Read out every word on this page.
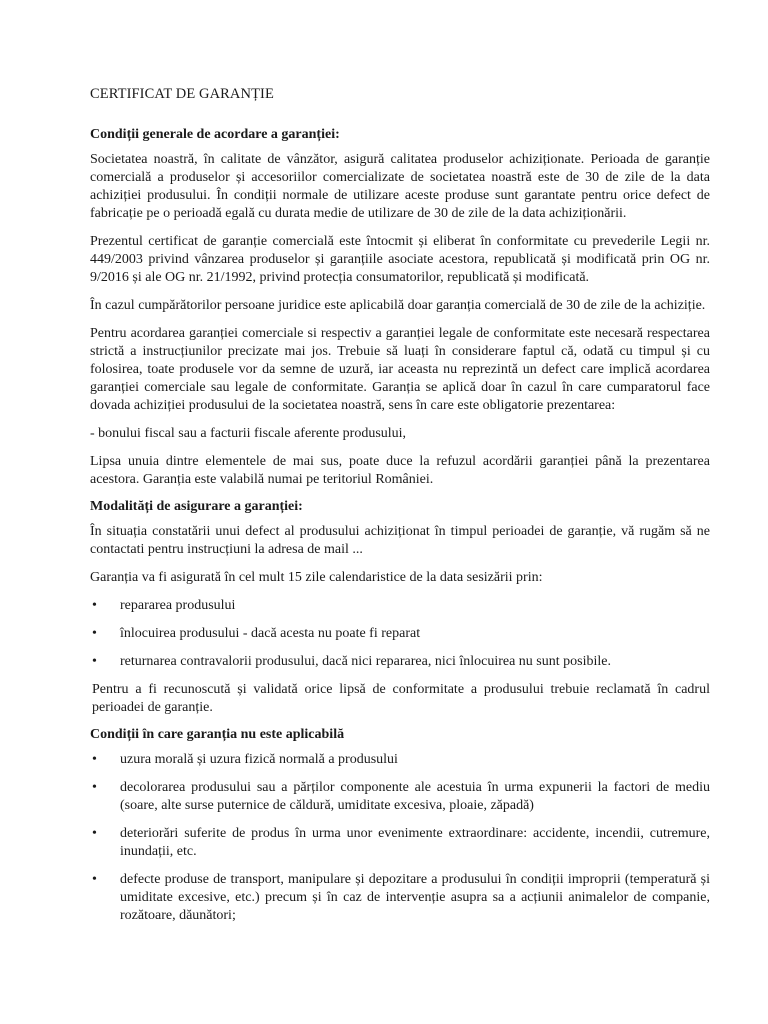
CERTIFICAT DE GARANȚIE
Condiții generale de acordare a garanției:

Societatea noastră, în calitate de vânzător, asigură calitatea produselor achiziționate. Perioada de garanție comercială a produselor și accesoriilor comercializate de societatea noastră este de 30 de zile de la data achiziției produsului. În condiții normale de utilizare aceste produse sunt garantate pentru orice defect de fabricație pe o perioadă egală cu durata medie de utilizare de 30 de zile de la data achiziționării.

Prezentul certificat de garanție comercială este întocmit și eliberat în conformitate cu prevederile Legii nr. 449/2003 privind vânzarea produselor și garanțiile asociate acestora, republicată și modificată prin OG nr. 9/2016 și ale OG nr. 21/1992, privind protecția consumatorilor, republicată și modificată.

În cazul cumpărătorilor persoane juridice este aplicabilă doar garanția comercială de 30 de zile de la achiziție.

Pentru acordarea garanției comerciale si respectiv a garanției legale de conformitate este necesară respectarea strictă a instrucțiunilor precizate mai jos. Trebuie să luați în considerare faptul că, odată cu timpul și cu folosirea, toate produsele vor da semne de uzură, iar aceasta nu reprezintă un defect care implică acordarea garanției comerciale sau legale de conformitate. Garanția se aplică doar în cazul în care cumparatorul face dovada achiziției produsului de la societatea noastră, sens în care este obligatorie prezentarea:

- bonului fiscal sau a facturii fiscale aferente produsului,

Lipsa unuia dintre elementele de mai sus, poate duce la refuzul acordării garanției până la prezentarea acestora. Garanția este valabilă numai pe teritoriul României.

Modalități de asigurare a garanției:

În situația constatării unui defect al produsului achiziționat în timpul perioadei de garanție, vă rugăm să ne contactati pentru instrucțiuni la adresa de mail ...

Garanția va fi asigurată în cel mult 15 zile calendaristice de la data sesizării prin:

• repararea produsului
• înlocuirea produsului - dacă acesta nu poate fi reparat
• returnarea contravalorii produsului, dacă nici repararea, nici înlocuirea nu sunt posibile.

Pentru a fi recunoscută și validată orice lipsă de conformitate a produsului trebuie reclamată în cadrul perioadei de garanție.

Condiții în care garanția nu este aplicabilă
• uzura morală și uzura fizică normală a produsului
• decolorarea produsului sau a părților componente ale acestuia în urma expunerii la factori de mediu (soare, alte surse puternice de căldură, umiditate excesiva, ploaie, zăpadă)
• deteriorări suferite de produs în urma unor evenimente extraordinare: accidente, incendii, cutremure, inundații, etc.
• defecte produse de transport, manipulare și depozitare a produsului în condiții improprii (temperatură și umiditate excesive, etc.) precum și în caz de intervenție asupra sa a acțiunii animalelor de companie, rozătoare, dăunători;
